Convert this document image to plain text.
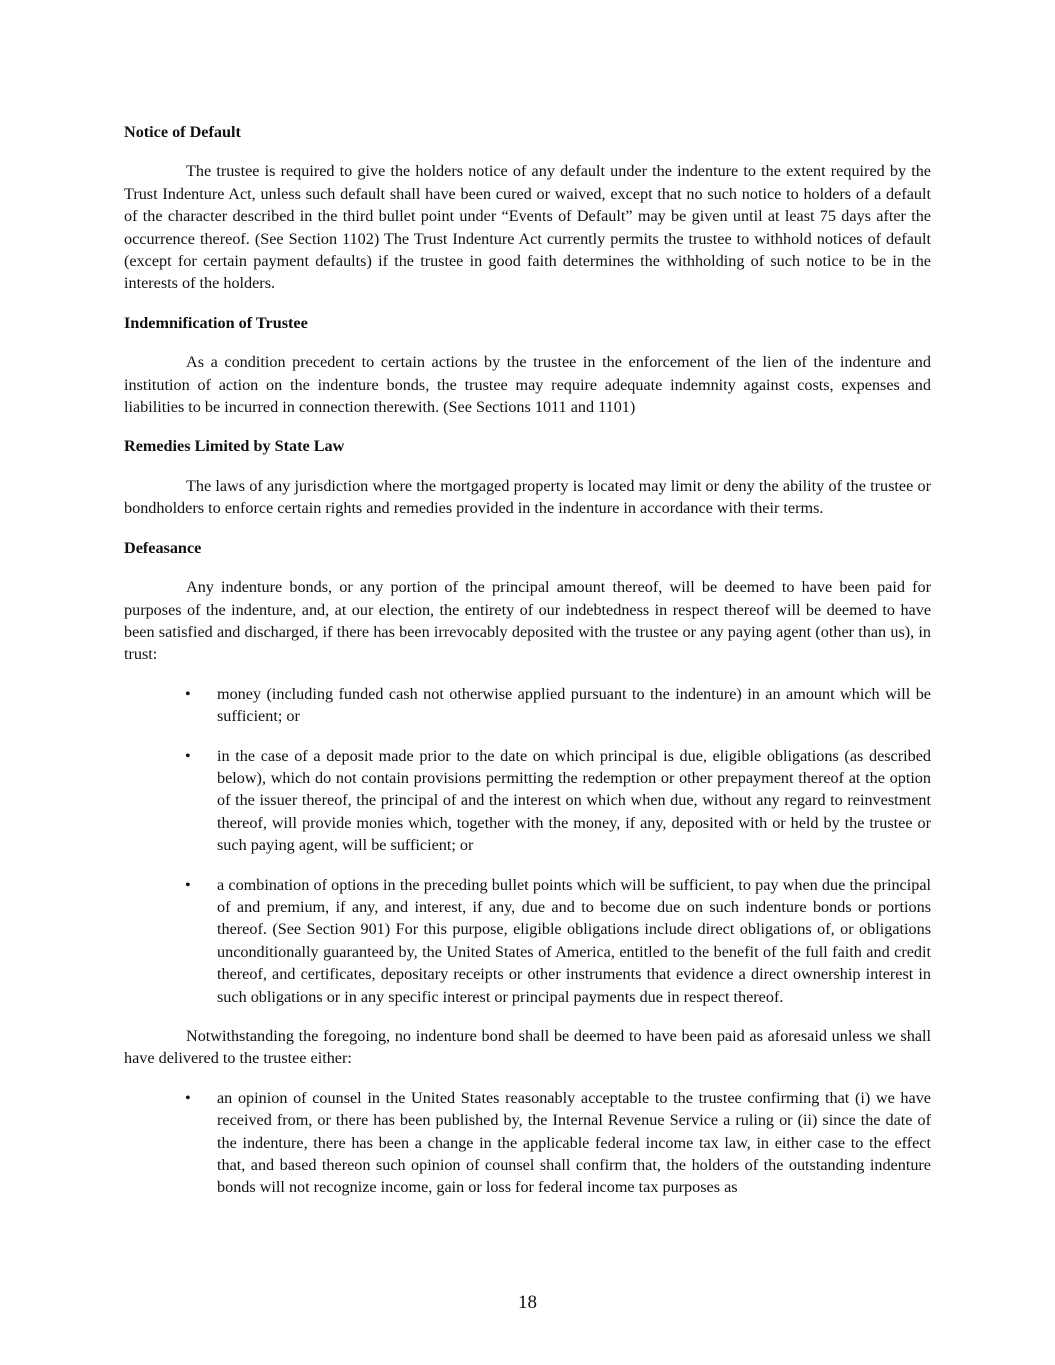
Notice of Default

The trustee is required to give the holders notice of any default under the indenture to the extent required by the Trust Indenture Act, unless such default shall have been cured or waived, except that no such notice to holders of a default of the character described in the third bullet point under “Events of Default” may be given until at least 75 days after the occurrence thereof. (See Section 1102) The Trust Indenture Act currently permits the trustee to withhold notices of default (except for certain payment defaults) if the trustee in good faith determines the withholding of such notice to be in the interests of the holders.

Indemnification of Trustee

As a condition precedent to certain actions by the trustee in the enforcement of the lien of the indenture and institution of action on the indenture bonds, the trustee may require adequate indemnity against costs, expenses and liabilities to be incurred in connection therewith. (See Sections 1011 and 1101)

Remedies Limited by State Law

The laws of any jurisdiction where the mortgaged property is located may limit or deny the ability of the trustee or bondholders to enforce certain rights and remedies provided in the indenture in accordance with their terms.

Defeasance

Any indenture bonds, or any portion of the principal amount thereof, will be deemed to have been paid for purposes of the indenture, and, at our election, the entirety of our indebtedness in respect thereof will be deemed to have been satisfied and discharged, if there has been irrevocably deposited with the trustee or any paying agent (other than us), in trust:

• money (including funded cash not otherwise applied pursuant to the indenture) in an amount which will be sufficient; or
• in the case of a deposit made prior to the date on which principal is due, eligible obligations (as described below), which do not contain provisions permitting the redemption or other prepayment thereof at the option of the issuer thereof, the principal of and the interest on which when due, without any regard to reinvestment thereof, will provide monies which, together with the money, if any, deposited with or held by the trustee or such paying agent, will be sufficient; or
• a combination of options in the preceding bullet points which will be sufficient, to pay when due the principal of and premium, if any, and interest, if any, due and to become due on such indenture bonds or portions thereof. (See Section 901) For this purpose, eligible obligations include direct obligations of, or obligations unconditionally guaranteed by, the United States of America, entitled to the benefit of the full faith and credit thereof, and certificates, depositary receipts or other instruments that evidence a direct ownership interest in such obligations or in any specific interest or principal payments due in respect thereof.

Notwithstanding the foregoing, no indenture bond shall be deemed to have been paid as aforesaid unless we shall have delivered to the trustee either:

• an opinion of counsel in the United States reasonably acceptable to the trustee confirming that (i) we have received from, or there has been published by, the Internal Revenue Service a ruling or (ii) since the date of the indenture, there has been a change in the applicable federal income tax law, in either case to the effect that, and based thereon such opinion of counsel shall confirm that, the holders of the outstanding indenture bonds will not recognize income, gain or loss for federal income tax purposes as
18
